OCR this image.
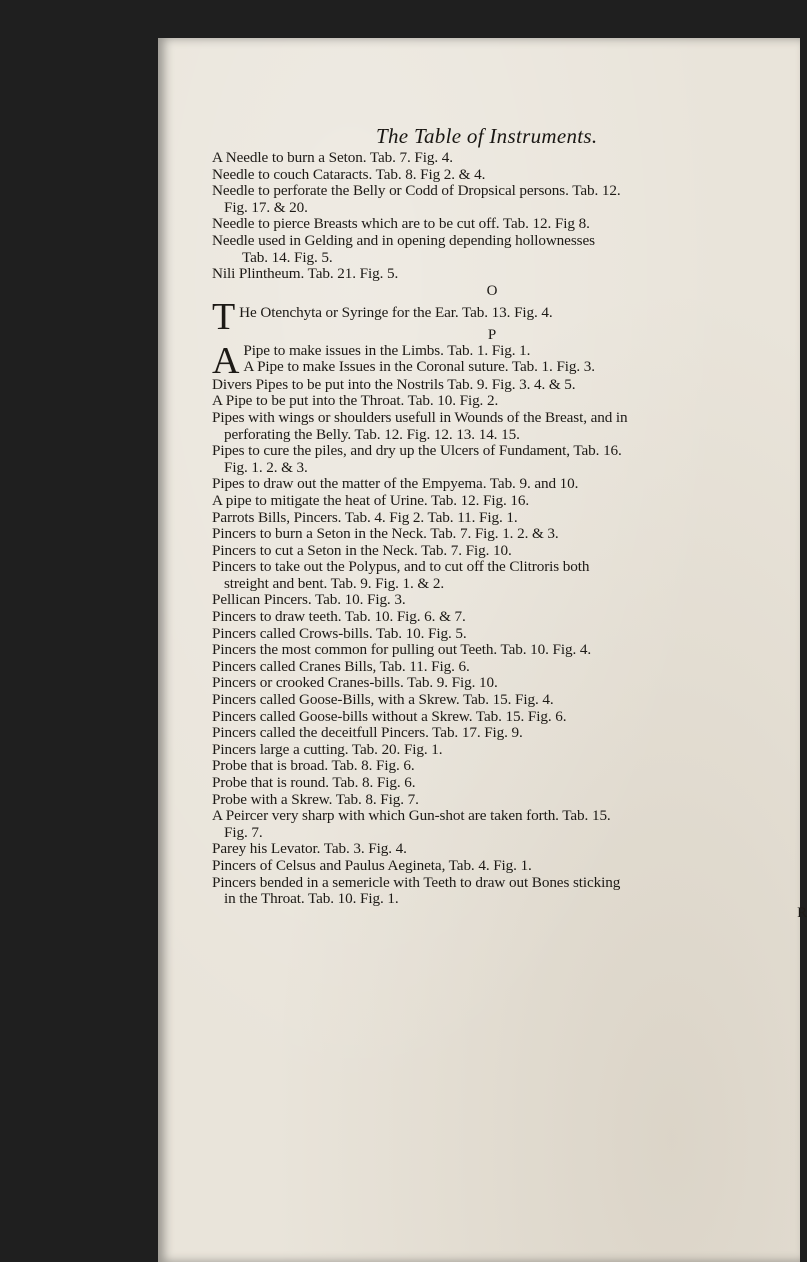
The Table of Instruments.
A Needle to burn a Seton. Tab. 7. Fig. 4.
Needle to couch Cataracts. Tab. 8. Fig 2. & 4.
Needle to perforate the Belly or Codd of Dropsical persons. Tab. 12.
Fig. 17. & 20.
Needle to pierce Breasts which are to be cut off. Tab. 12. Fig 8.
Needle used in Gelding and in opening depending hollownesses
Tab. 14. Fig. 5.
Nili Plintheum. Tab. 21. Fig. 5.
O
T He Otenchyta or Syringe for the Ear. Tab. 13. Fig. 4.
P
A Pipe to make issues in the Limbs. Tab. 1. Fig. 1.
A Pipe to make Issues in the Coronal suture. Tab. 1. Fig. 3.
Divers Pipes to be put into the Nostrils Tab. 9. Fig. 3. 4. & 5.
A Pipe to be put into the Throat. Tab. 10. Fig. 2.
Pipes with wings or shoulders usefull in Wounds of the Breast, and in
perforating the Belly. Tab. 12. Fig. 12. 13. 14. 15.
Pipes to cure the piles, and dry up the Ulcers of Fundament, Tab. 16.
Fig. 1. 2. & 3.
Pipes to draw out the matter of the Empyema. Tab. 9. and 10.
A pipe to mitigate the heat of Urine. Tab. 12. Fig. 16.
Parrots Bills, Pincers. Tab. 4. Fig 2. Tab. 11. Fig. 1.
Pincers to burn a Seton in the Neck. Tab. 7. Fig. 1. 2. & 3.
Pincers to cut a Seton in the Neck. Tab. 7. Fig. 10.
Pincers to take out the Polypus, and to cut off the Clitroris both
streight and bent. Tab. 9. Fig. 1. & 2.
Pellican Pincers. Tab. 10. Fig. 3.
Pincers to draw teeth. Tab. 10. Fig. 6. & 7.
Pincers called Crows-bills. Tab. 10. Fig. 5.
Pincers the most common for pulling out Teeth. Tab. 10. Fig. 4.
Pincers called Cranes Bills, Tab. 11. Fig. 6.
Pincers or crooked Cranes-bills. Tab. 9. Fig. 10.
Pincers called Goose-Bills, with a Skrew. Tab. 15. Fig. 4.
Pincers called Goose-bills without a Skrew. Tab. 15. Fig. 6.
Pincers called the deceitfull Pincers. Tab. 17. Fig. 9.
Pincers large a cutting. Tab. 20. Fig. 1.
Probe that is broad. Tab. 8. Fig. 6.
Probe that is round. Tab. 8. Fig. 6.
Probe with a Skrew. Tab. 8. Fig. 7.
A Peircer very sharp with which Gun-shot are taken forth. Tab. 15.
Fig. 7.
Parey his Levator. Tab. 3. Fig. 4.
Pincers of Celsus and Paulus Aegineta, Tab. 4. Fig. 1.
Pincers bended in a semericle with Teeth to draw out Bones sticking
in the Throat. Tab. 10. Fig. 1.
R
